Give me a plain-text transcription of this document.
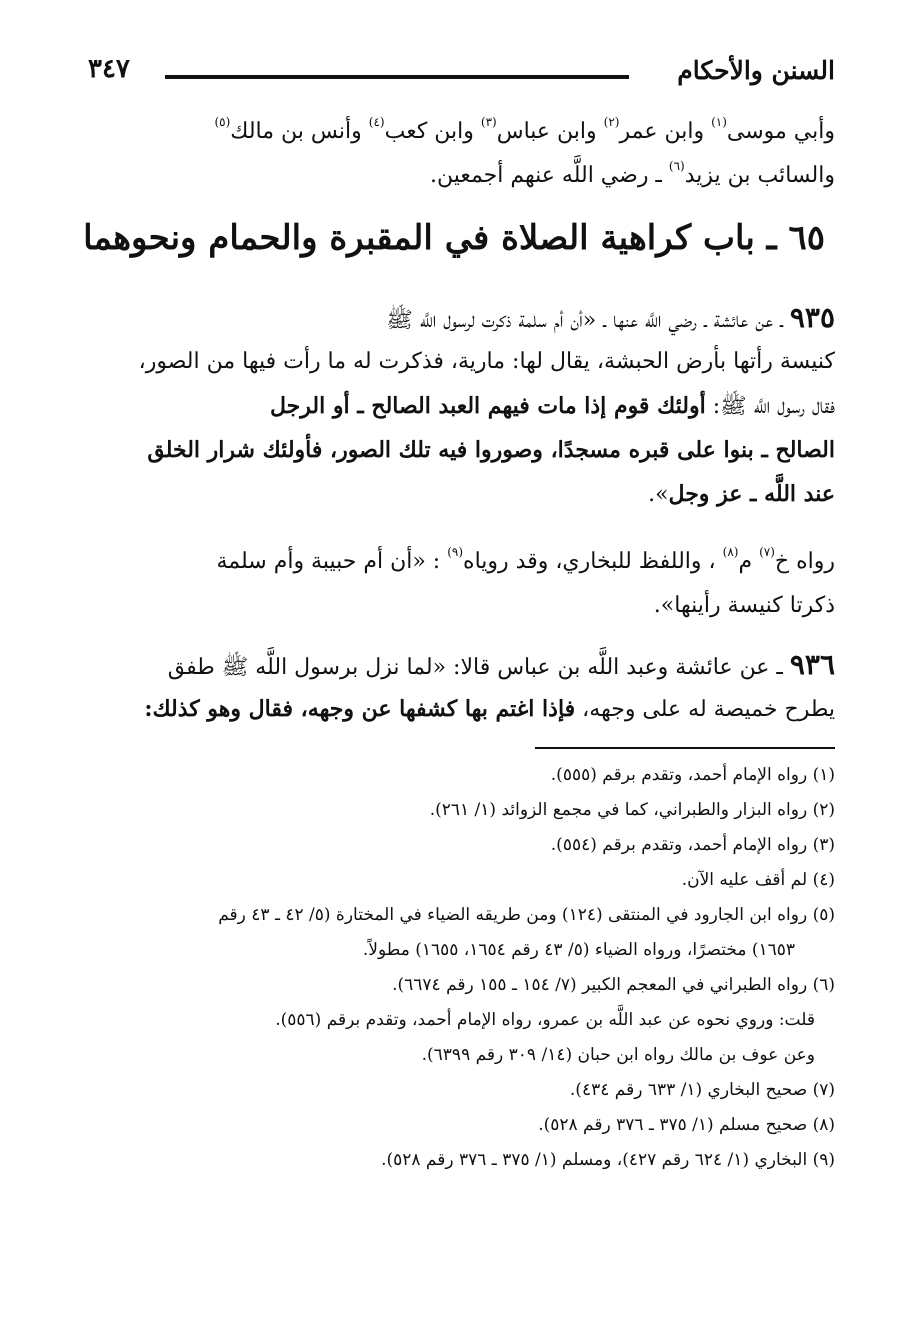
السنن والأحكام
٣٤٧
وأبي موسى$^{(١)}$ وابن عمر$^{(٢)}$ وابن عباس$^{(٣)}$ وابن كعب$^{(٤)}$ وأنس بن مالك$^{(٥)}$
والسائب بن يزيد$^{(٦)}$ ـ رضي اللَّه عنهم أجمعين.
٦٥ ـ باب كراهية الصلاة في المقبرة والحمام ونحوهما
٩٣٥ ـ عن عائشة ـ رضي اللَّه عنها ـ «أن أم سلمة ذكرت لرسول اللَّه ﷺ
كنيسة رأتها بأرض الحبشة، يقال لها: مارية، فذكرت له ما رأت فيها من الصور،
فقال رسول اللَّه ﷺ: أولئك قوم إذا مات فيهم العبد الصالح ـ أو الرجل
الصالح ـ بنوا على قبره مسجدًا، وصوروا فيه تلك الصور، فأولئك شرار الخلق
عند اللَّه ـ عز وجل».
رواه خ$^{(٧)}$ م$^{(٨)}$ ، واللفظ للبخاري، وقد روياه$^{(٩)}$ : «أن أم حبيبة وأم سلمة
ذكرتا كنيسة رأينها».
٩٣٦ ـ عن عائشة وعبد اللَّه بن عباس قالا: «لما نزل برسول اللَّه ﷺ طفق
يطرح خميصة له على وجهه، فإذا اغتم بها كشفها عن وجهه، فقال وهو كذلك:
(١) رواه الإمام أحمد، وتقدم برقم (٥٥٥).
(٢) رواه البزار والطبراني، كما في مجمع الزوائد (١/ ٢٦١).
(٣) رواه الإمام أحمد، وتقدم برقم (٥٥٤).
(٤) لم أقف عليه الآن.
(٥) رواه ابن الجارود في المنتقى (١٢٤) ومن طريقه الضياء في المختارة (٥/ ٤٢ ـ ٤٣ رقم
١٦٥٣) مختصرًا، ورواه الضياء (٥/ ٤٣ رقم ١٦٥٤، ١٦٥٥) مطولاً.
(٦) رواه الطبراني في المعجم الكبير (٧/ ١٥٤ ـ ١٥٥ رقم ٦٦٧٤).
قلت: وروي نحوه عن عبد اللَّه بن عمرو، رواه الإمام أحمد، وتقدم برقم (٥٥٦).
وعن عوف بن مالك رواه ابن حبان (١٤/ ٣٠٩ رقم ٦٣٩٩).
(٧) صحيح البخاري (١/ ٦٣٣ رقم ٤٣٤).
(٨) صحيح مسلم (١/ ٣٧٥ ـ ٣٧٦ رقم ٥٢٨).
(٩) البخاري (١/ ٦٢٤ رقم ٤٢٧)، ومسلم (١/ ٣٧٥ ـ ٣٧٦ رقم ٥٢٨).
